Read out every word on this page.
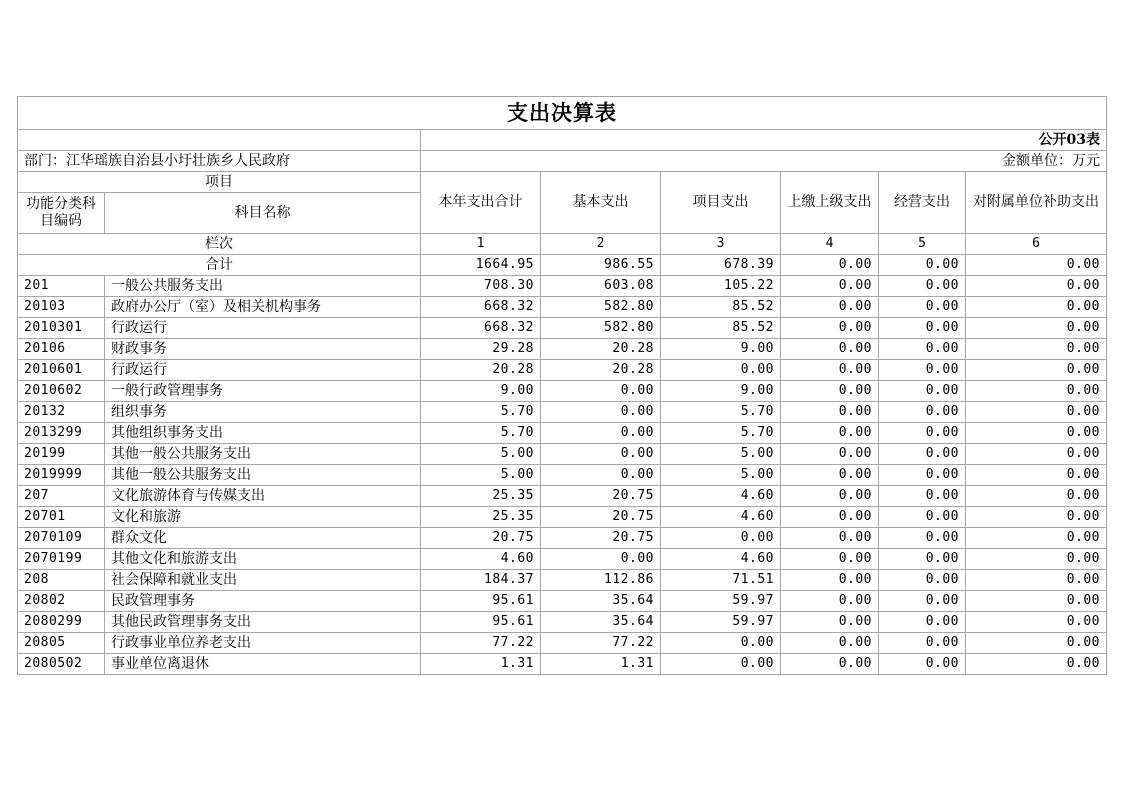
支出决算表							
		公开03表					
部门：江华瑶族自治县小圩壮族乡人民政府		金额单位：万元					
项目		本年支出合计	基本支出	项目支出	上缴上级支出	经营支出	对附属单位补助支出
功能分类科目编码	科目名称						
栏次		1	2	3	4	5	6
合计		1664.95	986.55	678.39	0.00	0.00	0.00
201	一般公共服务支出	708.30	603.08	105.22	0.00	0.00	0.00
20103	政府办公厅（室）及相关机构事务	668.32	582.80	85.52	0.00	0.00	0.00
2010301	行政运行	668.32	582.80	85.52	0.00	0.00	0.00
20106	财政事务	29.28	20.28	9.00	0.00	0.00	0.00
2010601	行政运行	20.28	20.28	0.00	0.00	0.00	0.00
2010602	一般行政管理事务	9.00	0.00	9.00	0.00	0.00	0.00
20132	组织事务	5.70	0.00	5.70	0.00	0.00	0.00
2013299	其他组织事务支出	5.70	0.00	5.70	0.00	0.00	0.00
20199	其他一般公共服务支出	5.00	0.00	5.00	0.00	0.00	0.00
2019999	其他一般公共服务支出	5.00	0.00	5.00	0.00	0.00	0.00
207	文化旅游体育与传媒支出	25.35	20.75	4.60	0.00	0.00	0.00
20701	文化和旅游	25.35	20.75	4.60	0.00	0.00	0.00
2070109	群众文化	20.75	20.75	0.00	0.00	0.00	0.00
2070199	其他文化和旅游支出	4.60	0.00	4.60	0.00	0.00	0.00
208	社会保障和就业支出	184.37	112.86	71.51	0.00	0.00	0.00
20802	民政管理事务	95.61	35.64	59.97	0.00	0.00	0.00
2080299	其他民政管理事务支出	95.61	35.64	59.97	0.00	0.00	0.00
20805	行政事业单位养老支出	77.22	77.22	0.00	0.00	0.00	0.00
2080502	事业单位离退休	1.31	1.31	0.00	0.00	0.00	0.00
